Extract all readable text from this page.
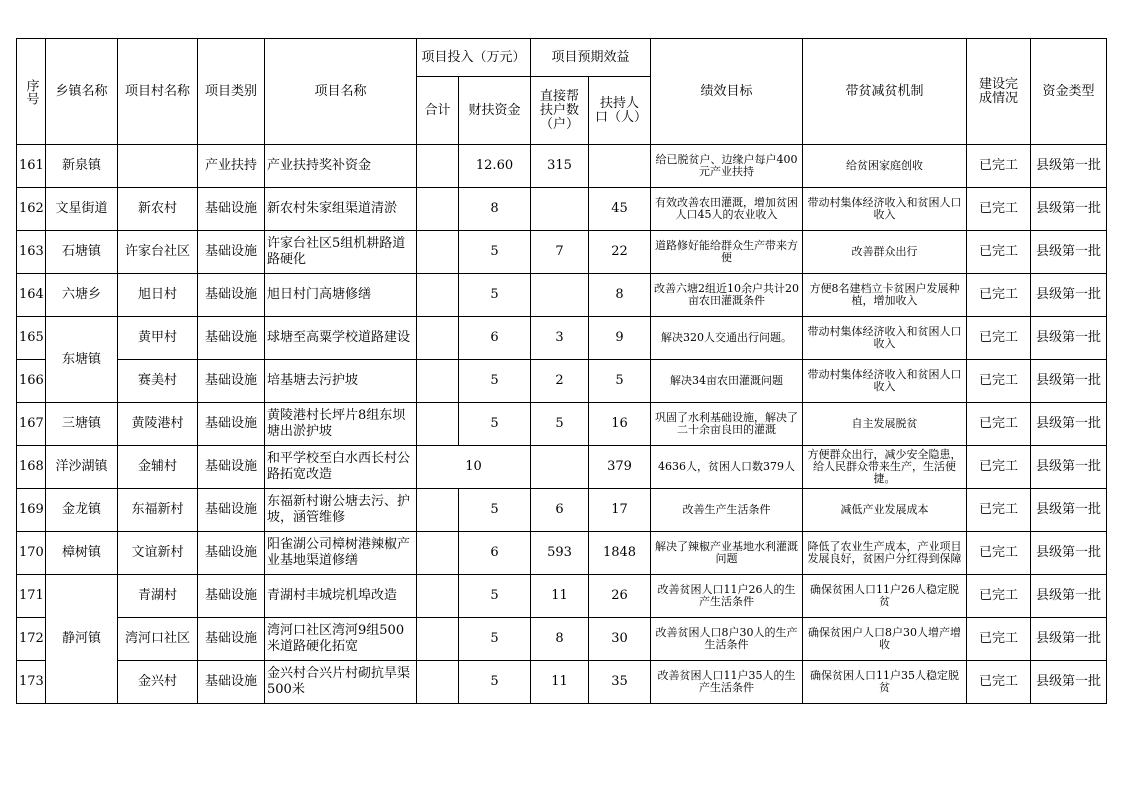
序号	乡镇名称	项目村名称	项目类别	项目名称	项目投入（万元）		项目预期效益		绩效目标	带贫减贫机制	建设完成情况	资金类型
					合计	财扶资金	直接帮扶户数（户）	扶持人口（人）				
161	新泉镇		产业扶持	产业扶持奖补资金		12.60	315		给已脱贫户、边缘户每户400元产业扶持	给贫困家庭创收	已完工	县级第一批
162	文星街道	新农村	基础设施	新农村朱家组渠道清淤		8		45	有效改善农田灌溉，增加贫困人口45人的农业收入	带动村集体经济收入和贫困人口收入	已完工	县级第一批
163	石塘镇	许家台社区	基础设施	许家台社区5组机耕路道路硬化		5	7	22	道路修好能给群众生产带来方便	改善群众出行	已完工	县级第一批
164	六塘乡	旭日村	基础设施	旭日村门高塘修缮		5		8	改善六塘2组近10余户共计20亩农田灌溉条件	方便8名建档立卡贫困户发展种植，增加收入	已完工	县级第一批
165	东塘镇	黄甲村	基础设施	球塘至高粟学校道路建设		6	3	9	解决320人交通出行问题。	带动村集体经济收入和贫困人口收入	已完工	县级第一批
166		赛美村	基础设施	培基塘去污护坡		5	2	5	解决34亩农田灌溉问题	带动村集体经济收入和贫困人口收入	已完工	县级第一批
167	三塘镇	黄陵港村	基础设施	黄陵港村长坪片8组东坝塘出淤护坡		5	5	16	巩固了水利基础设施，解决了二十余亩良田的灌溉	自主发展脱贫	已完工	县级第一批
168	洋沙湖镇	金辅村	基础设施	和平学校至白水西长村公路拓宽改造	10			379	4636人，贫困人口数379人	方便群众出行，减少安全隐患，给人民群众带来生产，生活便捷。	已完工	县级第一批
169	金龙镇	东福新村	基础设施	东福新村谢公塘去污、护坡，涵管维修		5	6	17	改善生产生活条件	减低产业发展成本	已完工	县级第一批
170	樟树镇	文谊新村	基础设施	阳雀湖公司樟树港辣椒产业基地渠道修缮		6	593	1848	解决了辣椒产业基地水利灌溉问题	降低了农业生产成本，产业项目发展良好，贫困户分红得到保障	已完工	县级第一批
171	静河镇	青湖村	基础设施	青湖村丰城垸机埠改造		5	11	26	改善贫困人口11户26人的生产生活条件	确保贫困人口11户26人稳定脱贫	已完工	县级第一批
172		湾河口社区	基础设施	湾河口社区湾河9组500米道路硬化拓宽		5	8	30	改善贫困人口8户30人的生产生活条件	确保贫困户人口8户30人增产增收	已完工	县级第一批
173		金兴村	基础设施	金兴村合兴片村砌抗旱渠500米		5	11	35	改善贫困人口11户35人的生产生活条件	确保贫困人口11户35人稳定脱贫	已完工	县级第一批
